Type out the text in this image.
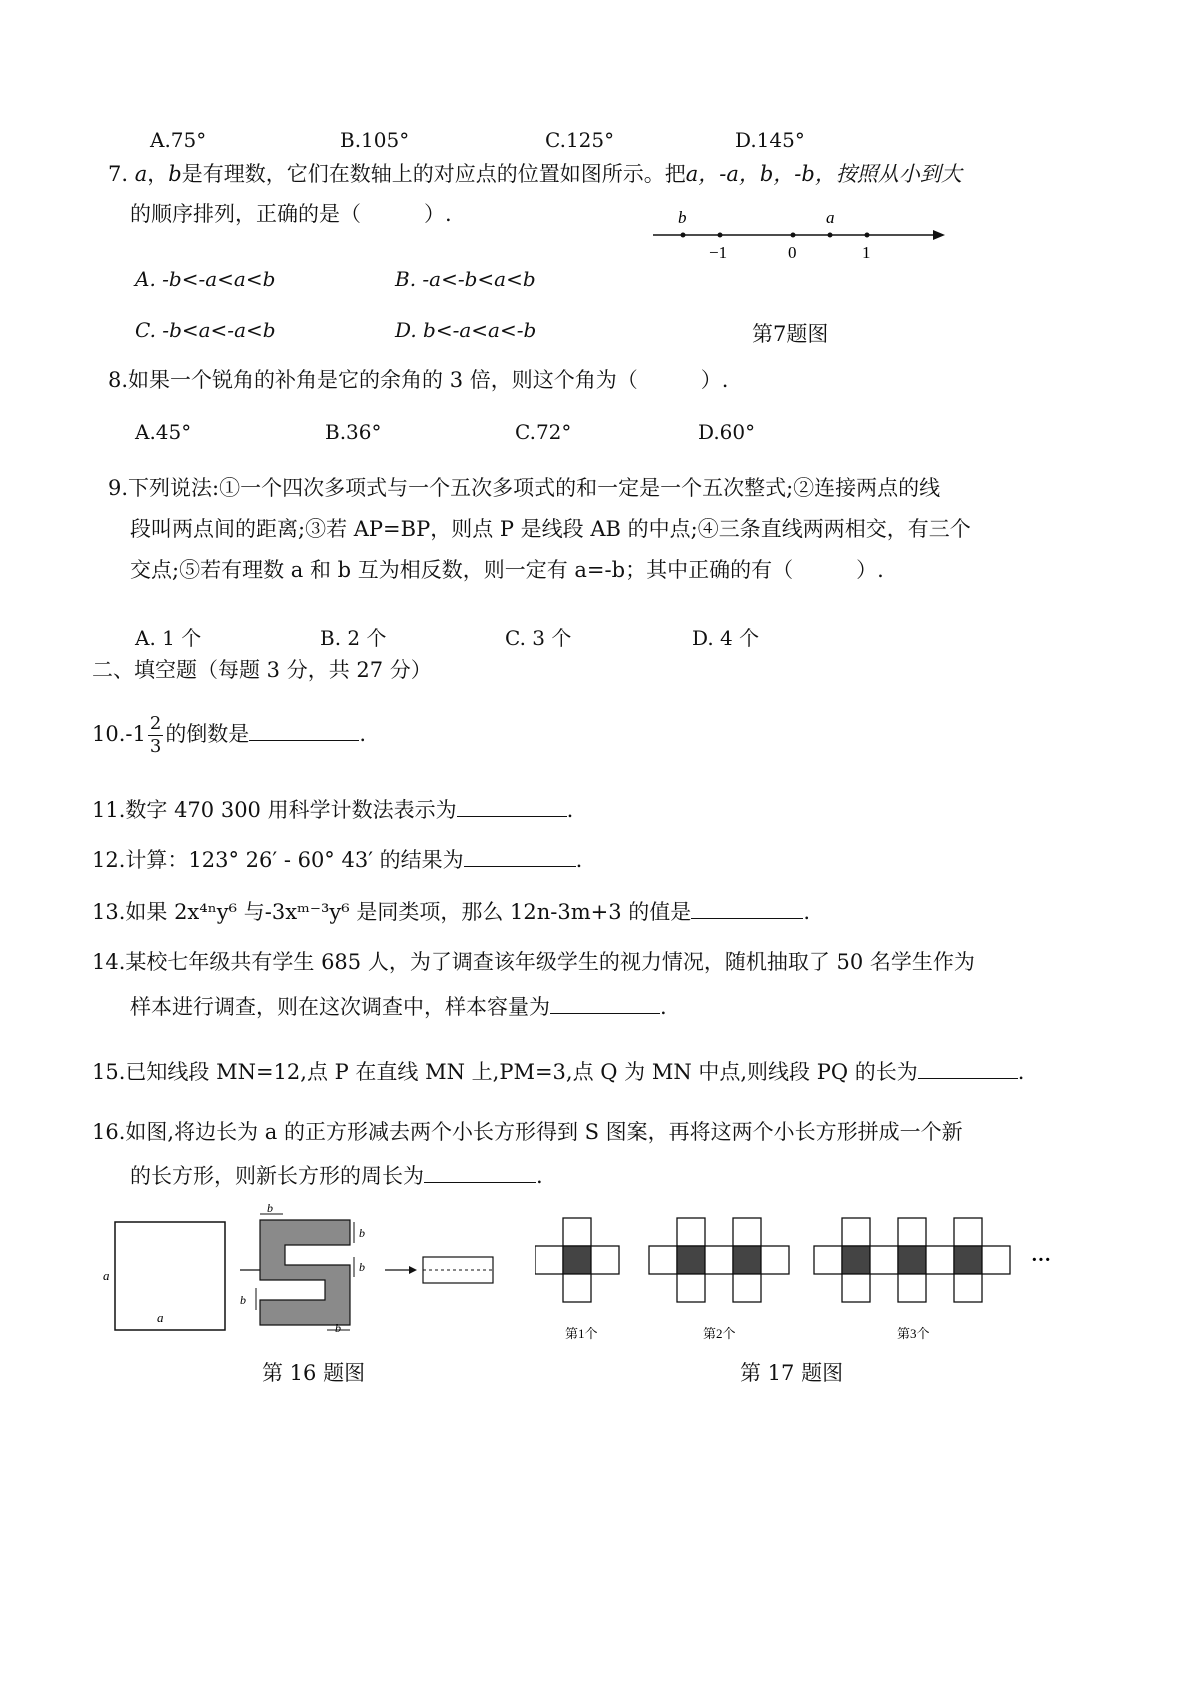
A.75°	B.105°	C.125°	D.145°
7. a，b是有理数，它们在数轴上的对应点的位置如图所示。把a，-a，b，-b，按照从小到大
的顺序排列，正确的是（　　　）.	b	a
−1	0	1
A. -b<-a<a<b	B. -a<-b<a<b
C. -b<a<-a<b	D. b<-a<a<-b	第7题图
8.如果一个锐角的补角是它的余角的 3 倍，则这个角为（　　　）.
A.45°	B.36°	C.72°	D.60°
9.下列说法:①一个四次多项式与一个五次多项式的和一定是一个五次整式;②连接两点的线
段叫两点间的距离;③若 AP=BP，则点 P 是线段 AB 的中点;④三条直线两两相交，有三个
交点;⑤若有理数 a 和 b 互为相反数，则一定有 a=-b；其中正确的有（　　　）.
A. 1 个	B. 2 个	C. 3 个	D. 4 个
二、填空题（每题 3 分，共 27 分）
$10.-1 \frac{2}{3}$ 的倒数是	.
11.数字 470 300 用科学计数法表示为	.
12.计算：123° 26′ - 60° 43′ 的结果为	.
13.如果 2x⁴ⁿy⁶ 与-3xᵐ⁻³y⁶ 是同类项，那么 12n-3m+3 的值是	.
14.某校七年级共有学生 685 人，为了调查该年级学生的视力情况，随机抽取了 50 名学生作为
样本进行调查，则在这次调查中，样本容量为	.
15.已知线段 MN=12,点 P 在直线 MN 上,PM=3,点 Q 为 MN 中点,则线段 PQ 的长为	.
16.如图,将边长为 a 的正方形减去两个小长方形得到 S 图案，再将这两个小长方形拼成一个新
的长方形，则新长方形的周长为	.
a
a
b
b
b
b
b
第 16 题图
···
第1个	第2个	第3个
第 17 题图
